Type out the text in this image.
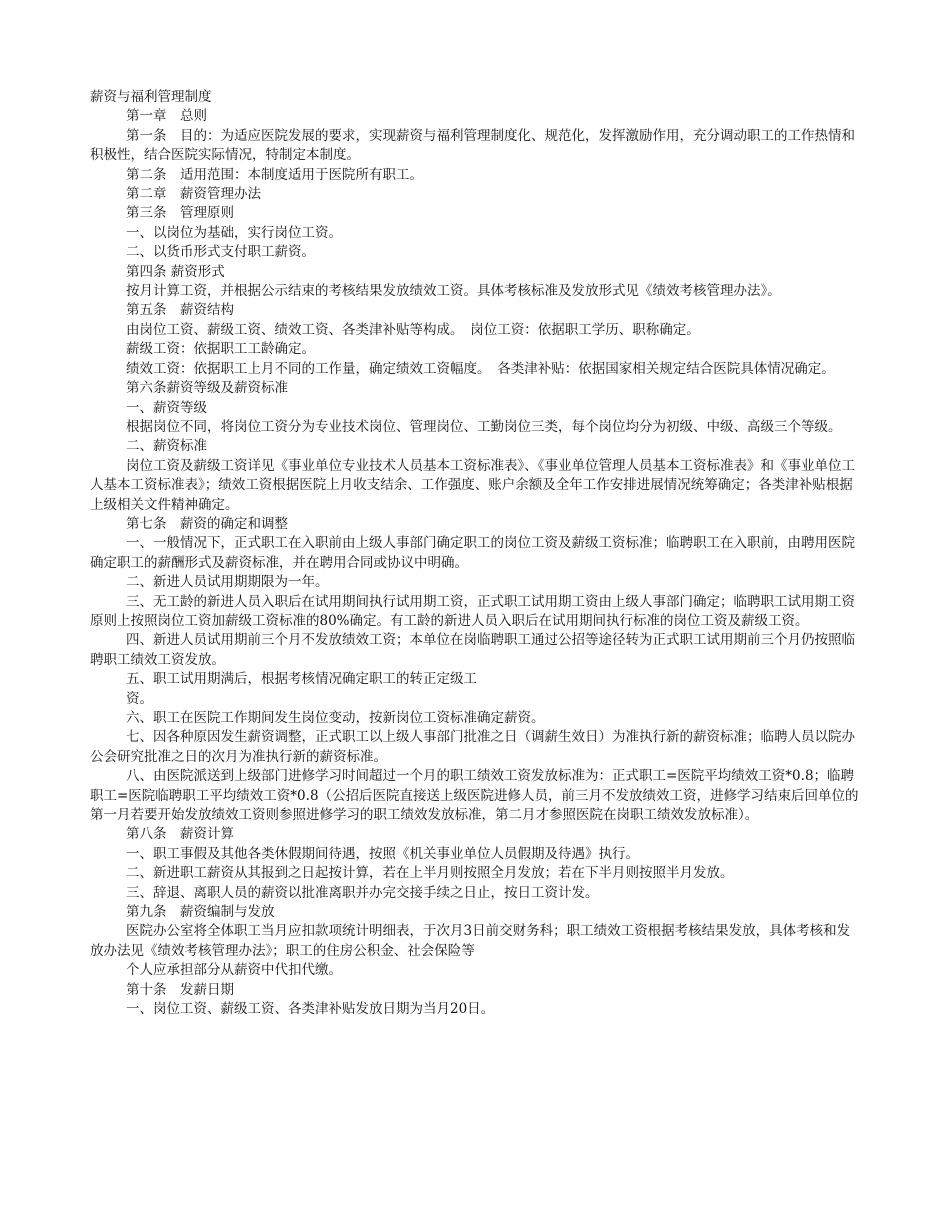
薪资与福利管理制度

第一章　总则

第一条　目的：为适应医院发展的要求，实现薪资与福利管理制度化、规范化，发挥激励作用，充分调动职工的工作热情和积极性，结合医院实际情况，特制定本制度。

第二条　适用范围：本制度适用于医院所有职工。

第二章　薪资管理办法

第三条　管理原则

一、以岗位为基础，实行岗位工资。

二、以货币形式支付职工薪资。

第四条 薪资形式

按月计算工资，并根据公示结束的考核结果发放绩效工资。具体考核标准及发放形式见《绩效考核管理办法》。

第五条　薪资结构

由岗位工资、薪级工资、绩效工资、各类津补贴等构成。　岗位工资：依据职工学历、职称确定。

薪级工资：依据职工工龄确定。

绩效工资：依据职工上月不同的工作量，确定绩效工资幅度。　各类津补贴：依据国家相关规定结合医院具体情况确定。

第六条薪资等级及薪资标准

一、薪资等级

根据岗位不同，将岗位工资分为专业技术岗位、管理岗位、工勤岗位三类，每个岗位均分为初级、中级、高级三个等级。

二、薪资标准

岗位工资及薪级工资详见《事业单位专业技术人员基本工资标准表》、《事业单位管理人员基本工资标准表》和《事业单位工人基本工资标准表》；绩效工资根据医院上月收支结余、工作强度、账户余额及全年工作安排进展情况统筹确定；各类津补贴根据上级相关文件精神确定。

第七条　薪资的确定和调整

一、一般情况下，正式职工在入职前由上级人事部门确定职工的岗位工资及薪级工资标准；临聘职工在入职前，由聘用医院确定职工的薪酬形式及薪资标准，并在聘用合同或协议中明确。

二、新进人员试用期期限为一年。

三、无工龄的新进人员入职后在试用期间执行试用期工资，正式职工试用期工资由上级人事部门确定；临聘职工试用期工资原则上按照岗位工资加薪级工资标准的80%确定。有工龄的新进人员入职后在试用期间执行标准的岗位工资及薪级工资。

四、新进人员试用期前三个月不发放绩效工资；本单位在岗临聘职工通过公招等途径转为正式职工试用期前三个月仍按照临聘职工绩效工资发放。

五、职工试用期满后，根据考核情况确定职工的转正定级工

资。

六、职工在医院工作期间发生岗位变动，按新岗位工资标准确定薪资。

七、因各种原因发生薪资调整，正式职工以上级人事部门批准之日（调薪生效日）为准执行新的薪资标准；临聘人员以院办公会研究批准之日的次月为准执行新的薪资标准。

八、由医院派送到上级部门进修学习时间超过一个月的职工绩效工资发放标准为：正式职工=医院平均绩效工资*0.8；临聘职工=医院临聘职工平均绩效工资*0.8（公招后医院直接送上级医院进修人员，前三月不发放绩效工资，进修学习结束后回单位的第一月若要开始发放绩效工资则参照进修学习的职工绩效发放标准，第二月才参照医院在岗职工绩效发放标准）。

第八条　薪资计算

一、职工事假及其他各类休假期间待遇，按照《机关事业单位人员假期及待遇》执行。

二、新进职工薪资从其报到之日起按计算，若在上半月则按照全月发放；若在下半月则按照半月发放。

三、辞退、离职人员的薪资以批准离职并办完交接手续之日止，按日工资计发。

第九条　薪资编制与发放

医院办公室将全体职工当月应扣款项统计明细表，于次月3日前交财务科；职工绩效工资根据考核结果发放，具体考核和发放办法见《绩效考核管理办法》；职工的住房公积金、社会保险等

个人应承担部分从薪资中代扣代缴。

第十条　发薪日期

一、岗位工资、薪级工资、各类津补贴发放日期为当月20日。
